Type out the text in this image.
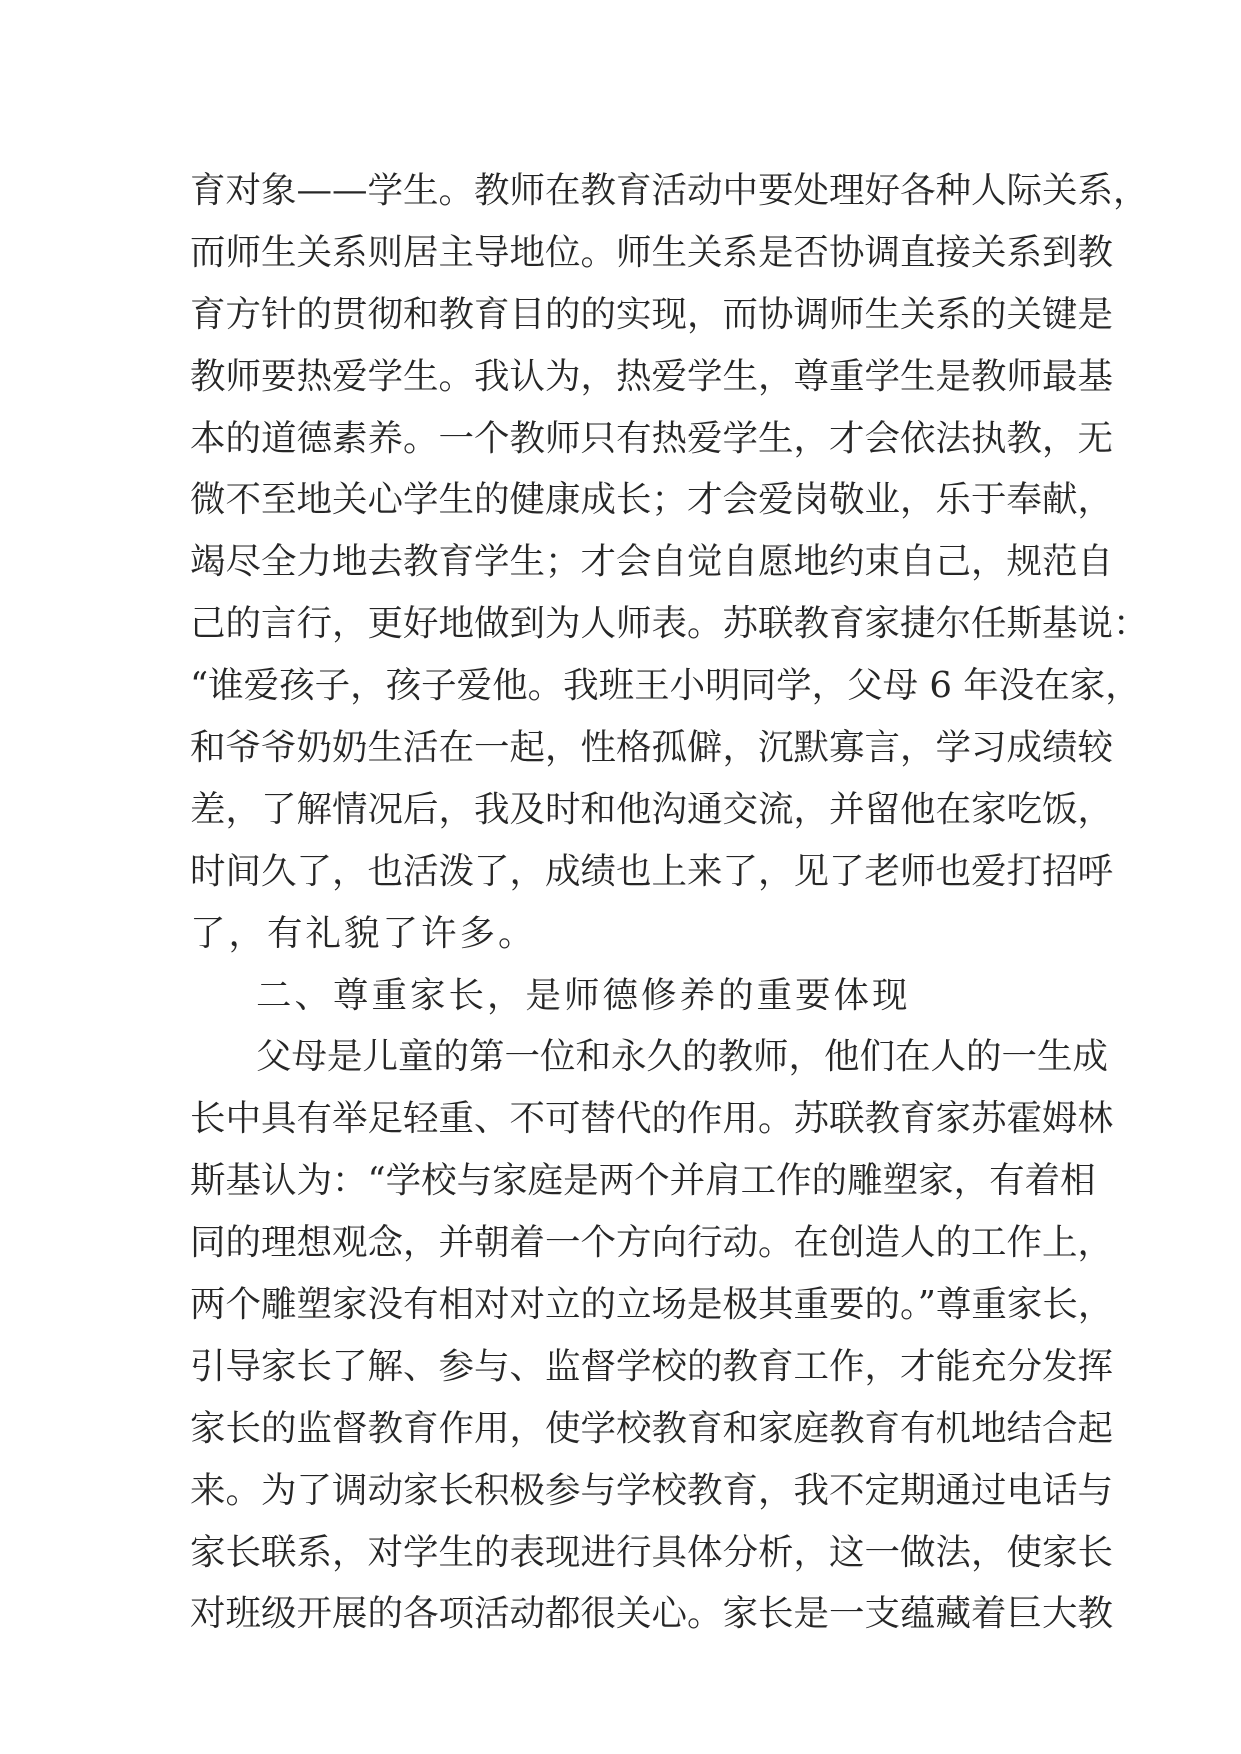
育对象——学生。教师在教育活动中要处理好各种人际关系，
而师生关系则居主导地位。师生关系是否协调直接关系到教
育方针的贯彻和教育目的的实现，而协调师生关系的关键是
教师要热爱学生。我认为，热爱学生，尊重学生是教师最基
本的道德素养。一个教师只有热爱学生，才会依法执教，无
微不至地关心学生的健康成长；才会爱岗敬业，乐于奉献，
竭尽全力地去教育学生；才会自觉自愿地约束自己，规范自
己的言行，更好地做到为人师表。苏联教育家捷尔任斯基说：
“谁爱孩子，孩子爱他。我班王小明同学，父母 6 年没在家，
和爷爷奶奶生活在一起，性格孤僻，沉默寡言，学习成绩较
差，了解情况后，我及时和他沟通交流，并留他在家吃饭，
时间久了，也活泼了，成绩也上来了，见了老师也爱打招呼
了，有礼貌了许多。
二、尊重家长，是师德修养的重要体现
父母是儿童的第一位和永久的教师，他们在人的一生成
长中具有举足轻重、不可替代的作用。苏联教育家苏霍姆林
斯基认为：“学校与家庭是两个并肩工作的雕塑家，有着相
同的理想观念，并朝着一个方向行动。在创造人的工作上，
两个雕塑家没有相对对立的立场是极其重要的。”尊重家长，
引导家长了解、参与、监督学校的教育工作，才能充分发挥
家长的监督教育作用，使学校教育和家庭教育有机地结合起
来。为了调动家长积极参与学校教育，我不定期通过电话与
家长联系，对学生的表现进行具体分析，这一做法，使家长
对班级开展的各项活动都很关心。家长是一支蕴藏着巨大教
